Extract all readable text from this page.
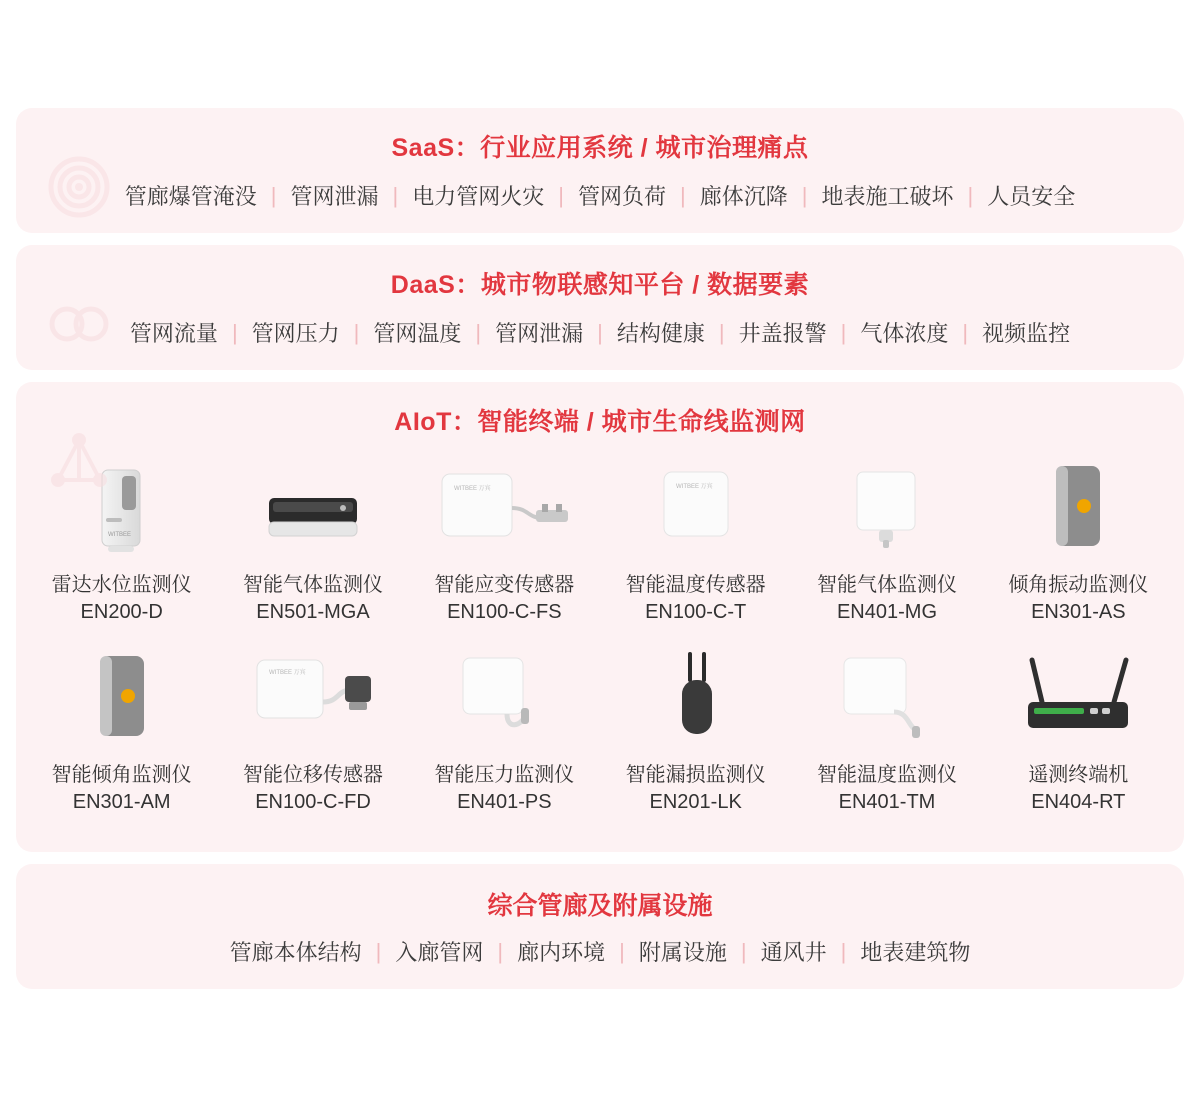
SaaS：行业应用系统 / 城市治理痛点
管廊爆管淹没 | 管网泄漏 | 电力管网火灾 | 管网负荷 | 廊体沉降 | 地表施工破坏 | 人员安全
DaaS：城市物联感知平台 / 数据要素
管网流量 | 管网压力 | 管网温度 | 管网泄漏 | 结构健康 | 井盖报警 | 气体浓度 | 视频监控
AIoT：智能终端 / 城市生命线监测网
WITBEE
雷达水位监测仪
EN200-D
智能气体监测仪
EN501-MGA
WITBEE 万宾
智能应变传感器
EN100-C-FS
WITBEE 万宾
智能温度传感器
EN100-C-T
智能气体监测仪
EN401-MG
倾角振动监测仪
EN301-AS
智能倾角监测仪
EN301-AM
WITBEE 万宾
智能位移传感器
EN100-C-FD
智能压力监测仪
EN401-PS
智能漏损监测仪
EN201-LK
智能温度监测仪
EN401-TM
遥测终端机
EN404-RT
综合管廊及附属设施
管廊本体结构 | 入廊管网 | 廊内环境 | 附属设施 | 通风井 | 地表建筑物
